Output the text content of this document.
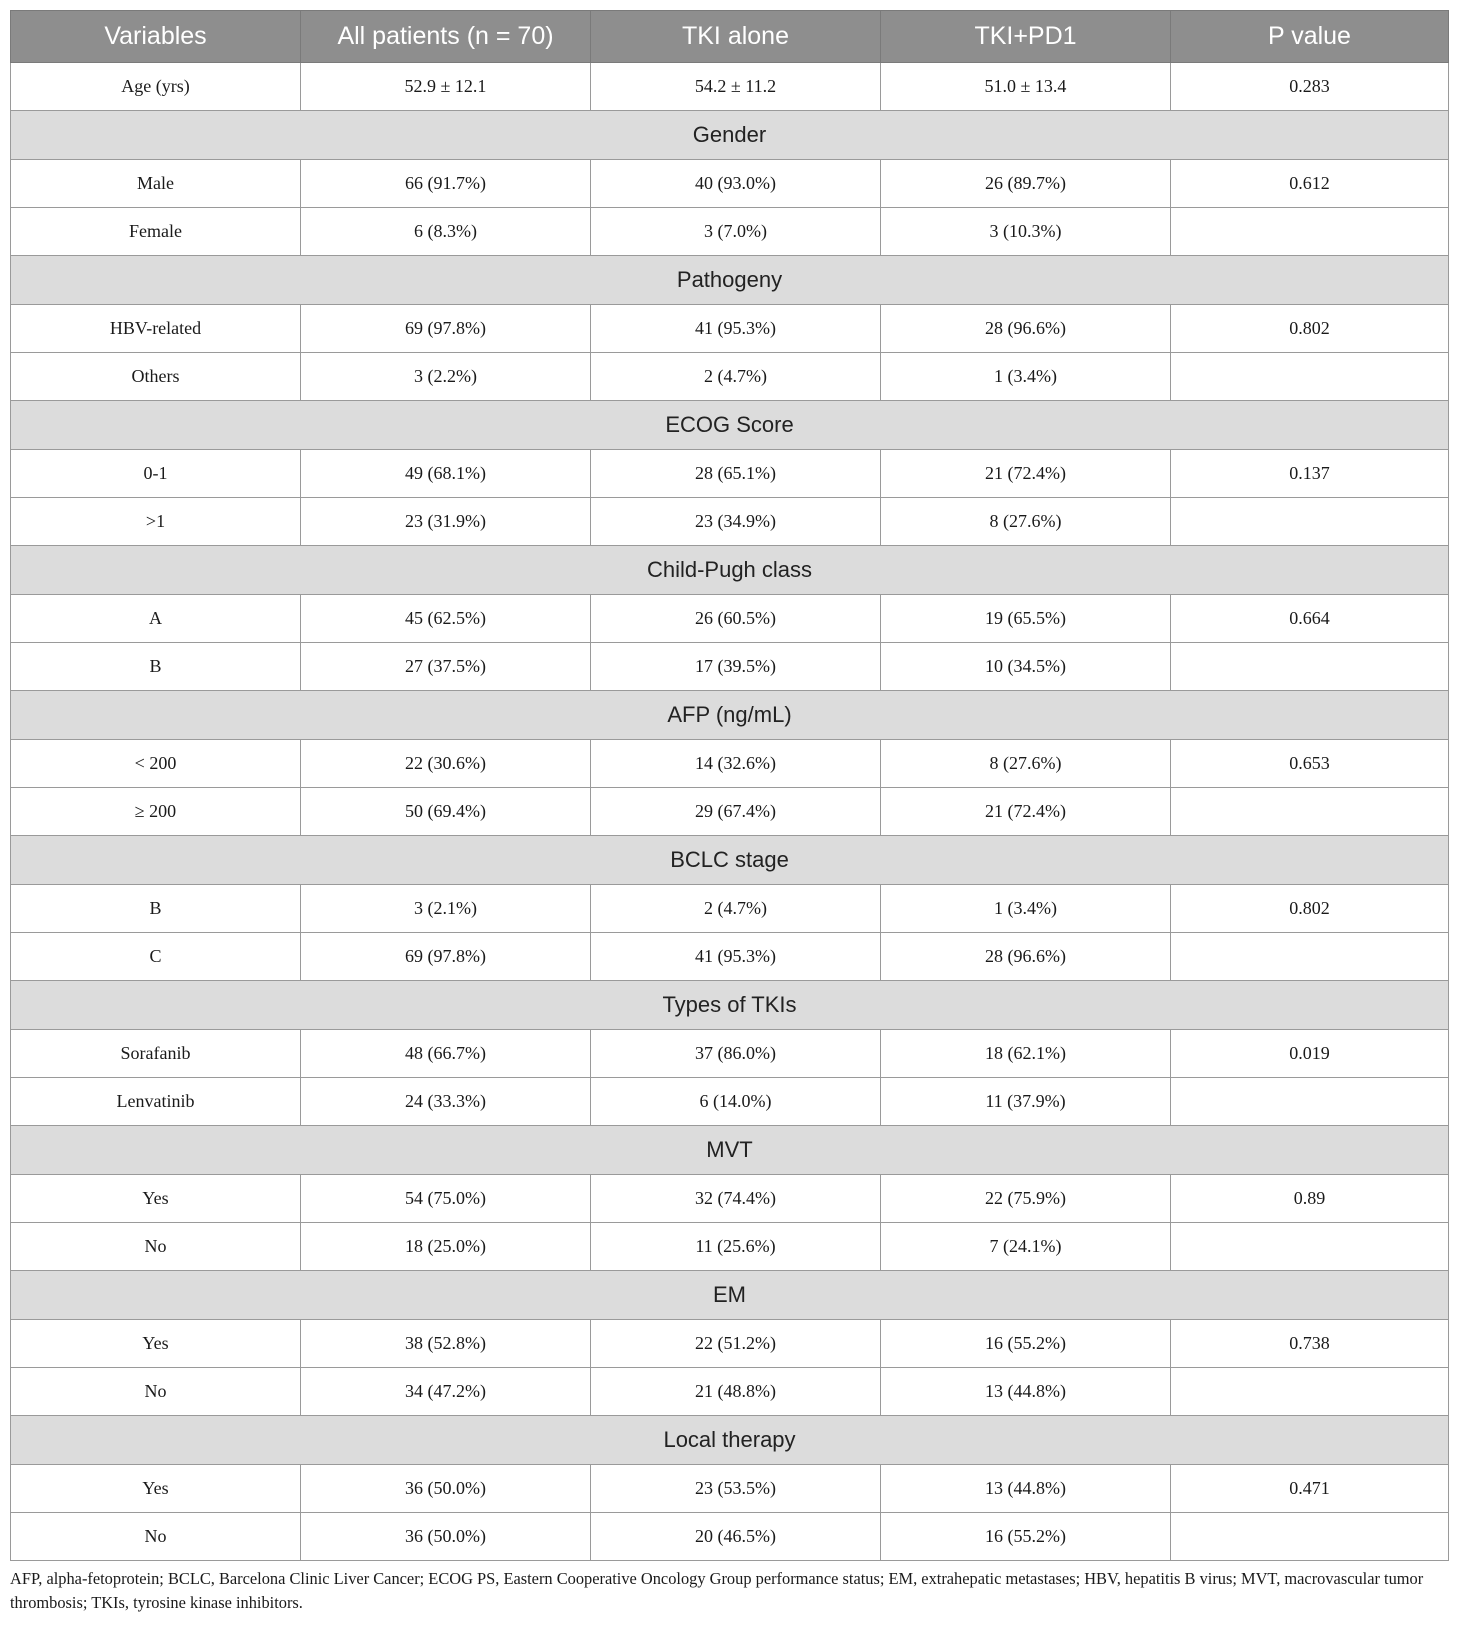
Variables	All patients (n = 70)	TKI alone	TKI+PD1	P value
Age (yrs)	52.9 ± 12.1	54.2 ± 11.2	51.0 ± 13.4	0.283
Gender				
Male	66 (91.7%)	40 (93.0%)	26 (89.7%)	0.612
Female	6 (8.3%)	3 (7.0%)	3 (10.3%)	
Pathogeny				
HBV-related	69 (97.8%)	41 (95.3%)	28 (96.6%)	0.802
Others	3 (2.2%)	2 (4.7%)	1 (3.4%)	
ECOG Score				
0-1	49 (68.1%)	28 (65.1%)	21 (72.4%)	0.137
>1	23 (31.9%)	23 (34.9%)	8 (27.6%)	
Child-Pugh class				
A	45 (62.5%)	26 (60.5%)	19 (65.5%)	0.664
B	27 (37.5%)	17 (39.5%)	10 (34.5%)	
AFP (ng/mL)				
< 200	22 (30.6%)	14 (32.6%)	8 (27.6%)	0.653
≥ 200	50 (69.4%)	29 (67.4%)	21 (72.4%)	
BCLC stage				
B	3 (2.1%)	2 (4.7%)	1 (3.4%)	0.802
C	69 (97.8%)	41 (95.3%)	28 (96.6%)	
Types of TKIs				
Sorafanib	48 (66.7%)	37 (86.0%)	18 (62.1%)	0.019
Lenvatinib	24 (33.3%)	6 (14.0%)	11 (37.9%)	
MVT				
Yes	54 (75.0%)	32 (74.4%)	22 (75.9%)	0.89
No	18 (25.0%)	11 (25.6%)	7 (24.1%)	
EM				
Yes	38 (52.8%)	22 (51.2%)	16 (55.2%)	0.738
No	34 (47.2%)	21 (48.8%)	13 (44.8%)	
Local therapy				
Yes	36 (50.0%)	23 (53.5%)	13 (44.8%)	0.471
No	36 (50.0%)	20 (46.5%)	16 (55.2%)	

AFP, alpha-fetoprotein; BCLC, Barcelona Clinic Liver Cancer; ECOG PS, Eastern Cooperative Oncology Group performance status; EM, extrahepatic metastases; HBV, hepatitis B virus; MVT, macrovascular tumor thrombosis; TKIs, tyrosine kinase inhibitors.
